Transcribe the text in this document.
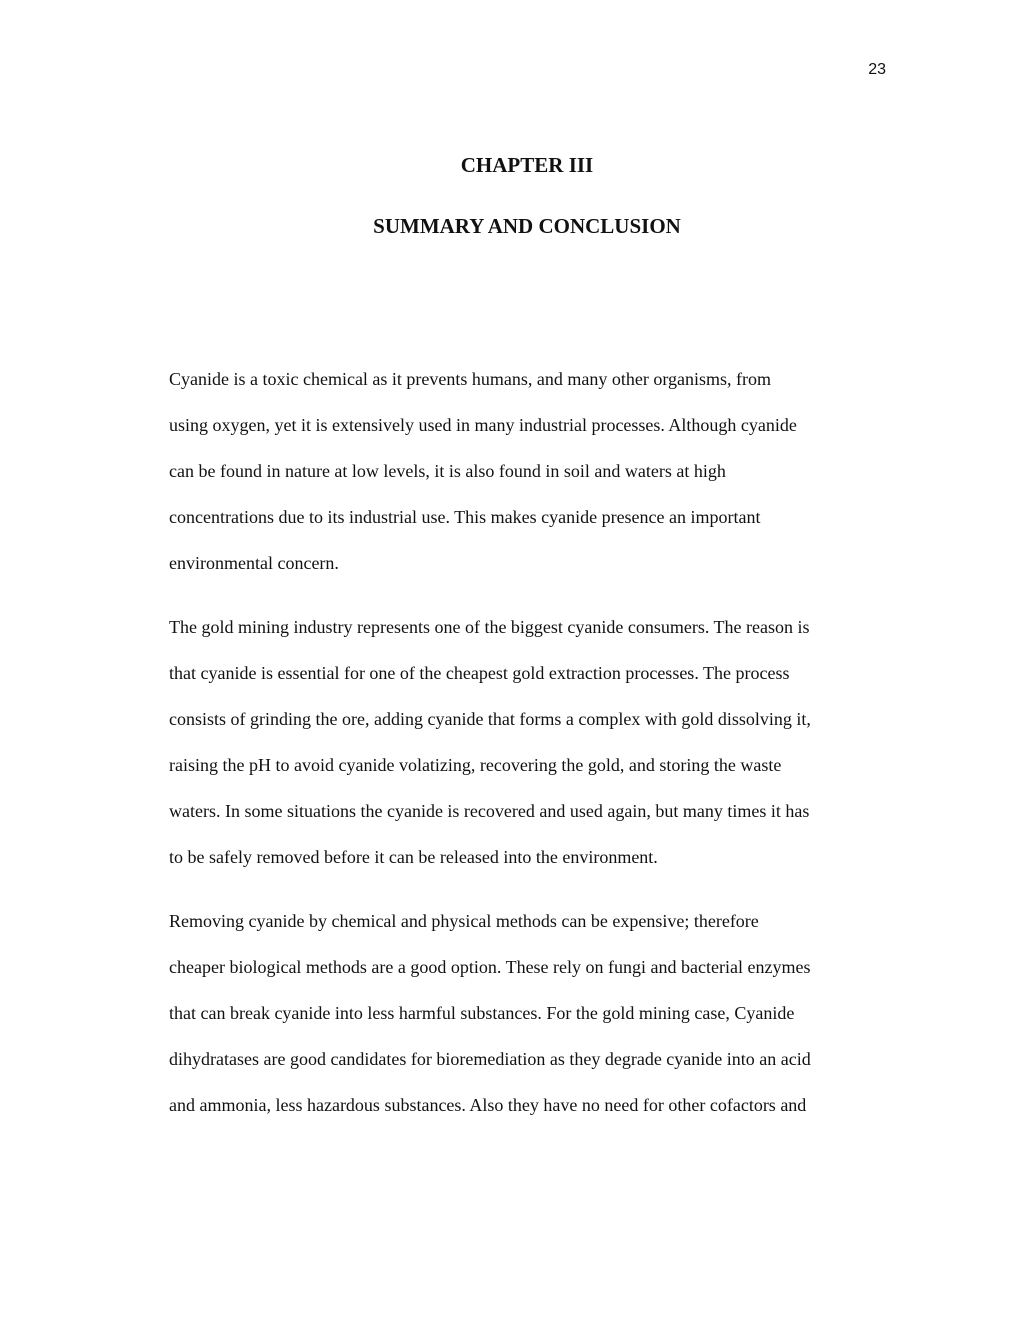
23
CHAPTER III
SUMMARY AND CONCLUSION

Cyanide is a toxic chemical as it prevents humans, and many other organisms, from
using oxygen, yet it is extensively used in many industrial processes. Although cyanide
can be found in nature at low levels, it is also found in soil and waters at high
concentrations due to its industrial use. This makes cyanide presence an important
environmental concern.

The gold mining industry represents one of the biggest cyanide consumers. The reason is
that cyanide is essential for one of the cheapest gold extraction processes. The process
consists of grinding the ore, adding cyanide that forms a complex with gold dissolving it,
raising the pH to avoid cyanide volatizing, recovering the gold, and storing the waste
waters. In some situations the cyanide is recovered and used again, but many times it has
to be safely removed before it can be released into the environment.

Removing cyanide by chemical and physical methods can be expensive; therefore
cheaper biological methods are a good option. These rely on fungi and bacterial enzymes
that can break cyanide into less harmful substances. For the gold mining case, Cyanide
dihydratases are good candidates for bioremediation as they degrade cyanide into an acid
and ammonia, less hazardous substances. Also they have no need for other cofactors and
